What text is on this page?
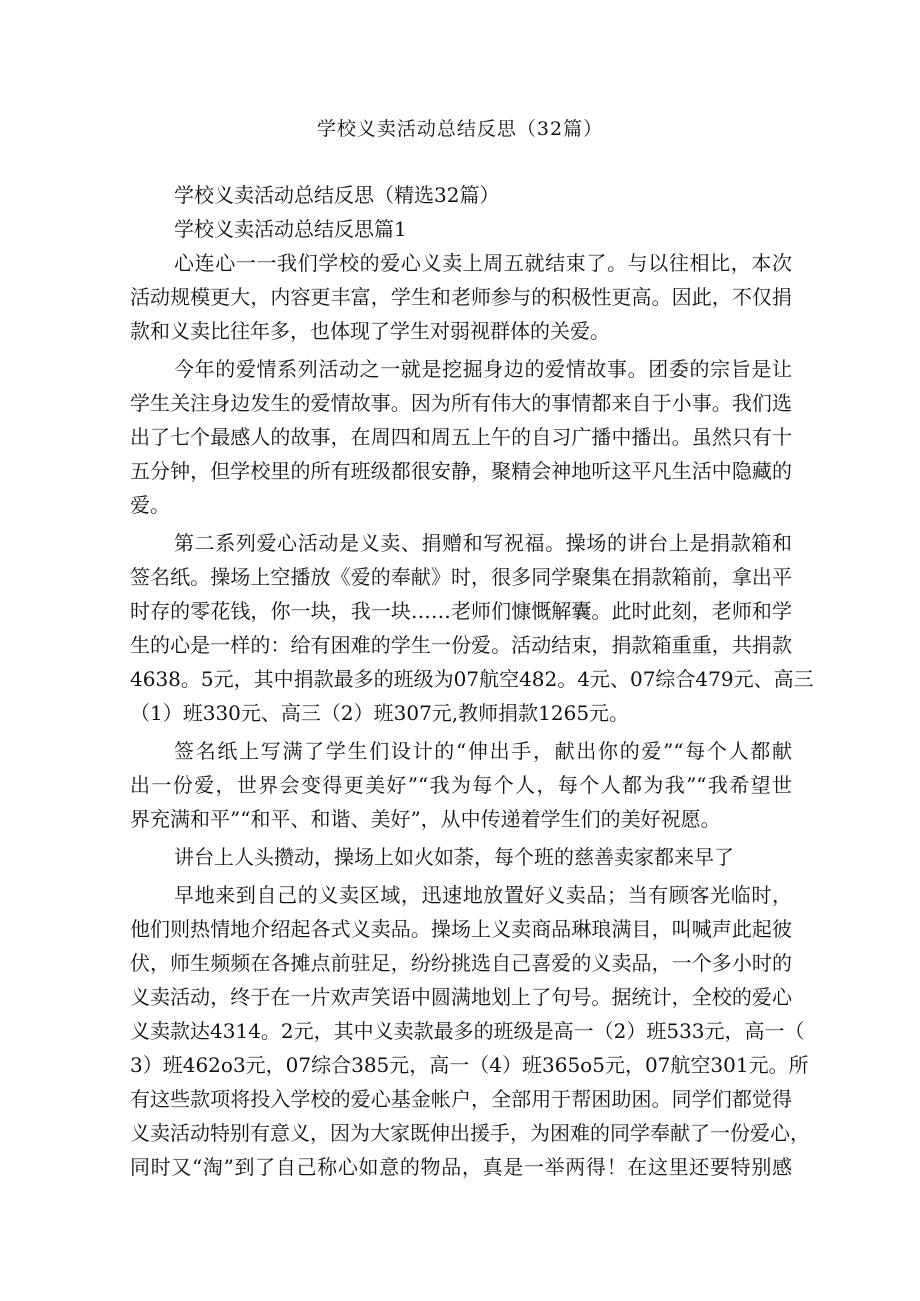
学校义卖活动总结反思（32篇）
学校义卖活动总结反思（精选32篇）
学校义卖活动总结反思篇1
心连心一一我们学校的爱心义卖上周五就结束了。与以往相比，本次
活动规模更大，内容更丰富，学生和老师参与的积极性更高。因此，不仅捐
款和义卖比往年多，也体现了学生对弱视群体的关爱。
今年的爱情系列活动之一就是挖掘身边的爱情故事。团委的宗旨是让
学生关注身边发生的爱情故事。因为所有伟大的事情都来自于小事。我们选
出了七个最感人的故事，在周四和周五上午的自习广播中播出。虽然只有十
五分钟，但学校里的所有班级都很安静，聚精会神地听这平凡生活中隐藏的
爱。
第二系列爱心活动是义卖、捐赠和写祝福。操场的讲台上是捐款箱和
签名纸。操场上空播放《爱的奉献》时，很多同学聚集在捐款箱前，拿出平
时存的零花钱，你一块，我一块……老师们慷慨解囊。此时此刻，老师和学
生的心是一样的：给有困难的学生一份爱。活动结束，捐款箱重重，共捐款
4638。5元，其中捐款最多的班级为07航空482。4元、07综合479元、高三
（1）班330元、高三（2）班307元,教师捐款1265元。
签名纸上写满了学生们设计的“伸出手，献出你的爱”“每个人都献
出一份爱，世界会变得更美好”“我为每个人，每个人都为我”“我希望世
界充满和平”“和平、和谐、美好”，从中传递着学生们的美好祝愿。
讲台上人头攒动，操场上如火如荼，每个班的慈善卖家都来早了
早地来到自己的义卖区域，迅速地放置好义卖品；当有顾客光临时，
他们则热情地介绍起各式义卖品。操场上义卖商品琳琅满目，叫喊声此起彼
伏，师生频频在各摊点前驻足，纷纷挑选自己喜爱的义卖品，一个多小时的
义卖活动，终于在一片欢声笑语中圆满地划上了句号。据统计，全校的爱心
义卖款达4314。2元，其中义卖款最多的班级是高一（2）班533元，高一（
3）班462o3元，07综合385元，高一（4）班365o5元，07航空301元。所
有这些款项将投入学校的爱心基金帐户，全部用于帮困助困。同学们都觉得
义卖活动特别有意义，因为大家既伸出援手，为困难的同学奉献了一份爱心，
同时又“淘”到了自己称心如意的物品，真是一举两得！在这里还要特别感
